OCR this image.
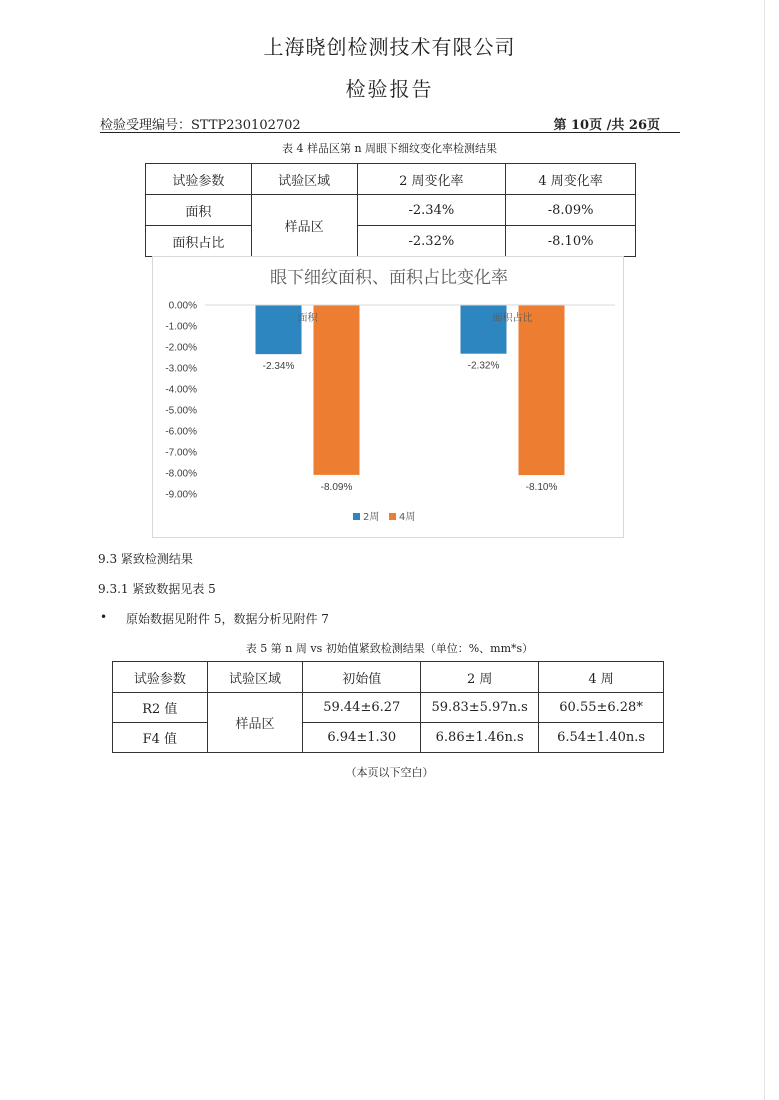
上海晓创检测技术有限公司
检验报告
检验受理编号：STTP230102702	第 10页 /共 26页
表 4 样品区第 n 周眼下细纹变化率检测结果
试验参数	试验区域	2 周变化率	4 周变化率
面积	样品区	-2.34%	-8.09%
面积占比		-2.32%	-8.10%
眼下细纹面积、面积占比变化率
0.00%
-1.00%
-2.00%
-3.00%
-4.00%
-5.00%
-6.00%
-7.00%
-8.00%
-9.00%
-2.34%
-8.09%
面积
-2.32%
-8.10%
面积占比
2周 4周
9.3 紧致检测结果
9.3.1 紧致数据见表 5
• 原始数据见附件 5，数据分析见附件 7
表 5 第 n 周 vs 初始值紧致检测结果（单位：%、mm*s）
试验参数	试验区域	初始值	2 周	4 周
R2 值	样品区	59.44±6.27	59.83±5.97n.s	60.55±6.28*
F4 值		6.94±1.30	6.86±1.46n.s	6.54±1.40n.s
（本页以下空白）
